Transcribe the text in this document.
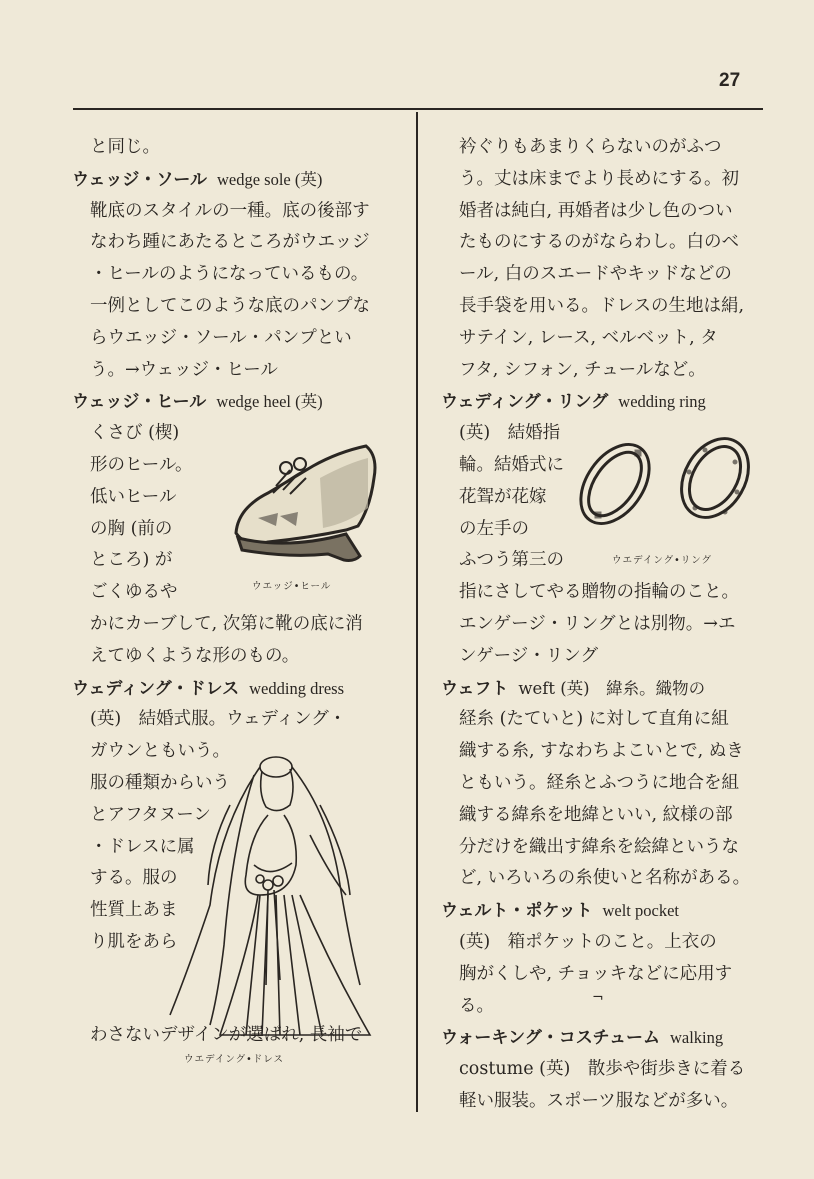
27
と同じ。
ウェッジ・ソール wedge sole (英)
靴底のスタイルの一種。底の後部す
なわち踵にあたるところがウエッジ
・ヒールのようになっているもの。
一例としてこのような底のパンプな
らウエッジ・ソール・パンプとい
う。→ウェッジ・ヒール
ウェッジ・ヒール wedge heel (英)
くさび (楔)
形のヒール。
低いヒール
の胸 (前の
ところ) が
ごくゆるや
かにカーブして, 次第に靴の底に消
えてゆくような形のもの。
ウェディング・ドレス wedding dress
(英)　結婚式服。ウェディング・
ガウンともいう。
服の種類からいう
とアフタヌーン
・ドレスに属
する。服の
性質上あま
り肌をあら
わさないデザインが選ばれ, 長袖で
ウエッジ•ヒール
ウエデイング•ドレス
衿ぐりもあまりくらないのがふつ
う。丈は床までより長めにする。初
婚者は純白, 再婚者は少し色のつい
たものにするのがならわし。白のベ
ール, 白のスエードやキッドなどの
長手袋を用いる。ドレスの生地は絹,
サテイン, レース, ベルベット, タ
フタ, シフォン, チュールなど。
ウェディング・リング wedding ring
(英)　結婚指
輪。結婚式に
花聟が花嫁
の左手の
ふつう第三の
指にさしてやる贈物の指輪のこと。
エンゲージ・リングとは別物。→エ
ンゲージ・リング
ウェフト weft (英)　緯糸。織物の
経糸 (たていと) に対して直角に組
織する糸, すなわちよこいとで, ぬき
ともいう。経糸とふつうに地合を組
織する緯糸を地緯といい, 紋様の部
分だけを織出す緯糸を絵緯というな
ど, いろいろの糸使いと名称がある。
ウェルト・ポケット welt pocket
(英)　箱ポケットのこと。上衣の
胸がくしや, チョッキなどに応用す
る。
ウォーキング・コスチューム walking
costume (英)　散歩や街歩きに着る
軽い服装。スポーツ服などが多い。
ウエデイング•リング
¬
